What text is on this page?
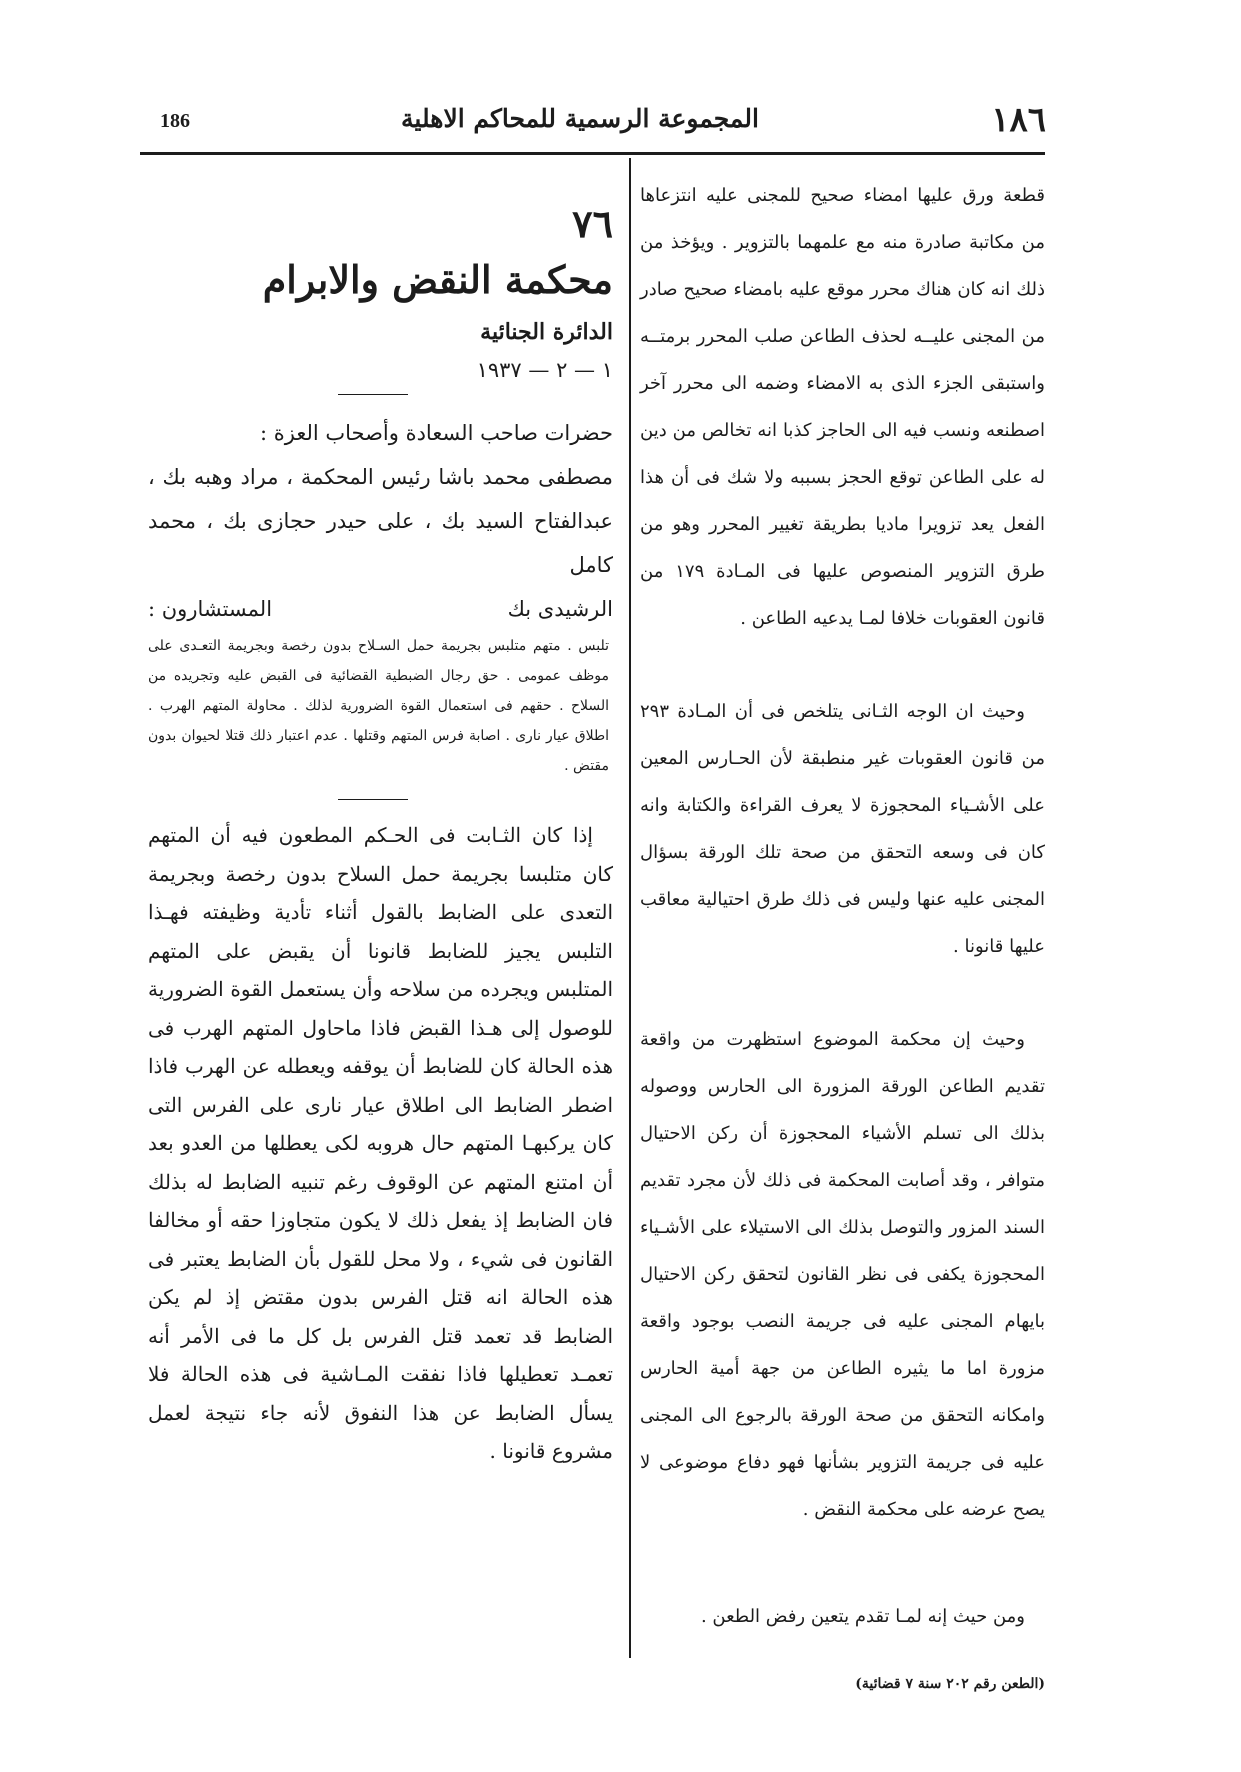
١٨٦
المجموعة الرسمية للمحاكم الاهلية
186

قطعة ورق عليها امضاء صحيح للمجنى عليه انتزعاها من مكاتبة صادرة منه مع علمهما بالتزوير . ويؤخذ من ذلك انه كان هناك محرر موقع عليه بامضاء صحيح صادر من المجنى عليــه لحذف الطاعن صلب المحرر برمتــه واستبقى الجزء الذى به الامضاء وضمه الى محرر آخر اصطنعه ونسب فيه الى الحاجز كذبا انه تخالص من دين له على الطاعن توقع الحجز بسببه ولا شك فى أن هذا الفعل يعد تزويرا ماديا بطريقة تغيير المحرر وهو من طرق التزوير المنصوص عليها فى المـادة ١٧٩ من قانون العقوبات خلافا لمـا يدعيه الطاعن .

وحيث ان الوجه الثـانى يتلخص فى أن المـادة ٢٩٣ من قانون العقوبات غير منطبقة لأن الحـارس المعين على الأشـياء المحجوزة لا يعرف القراءة والكتابة وانه كان فى وسعه التحقق من صحة تلك الورقة بسؤال المجنى عليه عنها وليس فى ذلك طرق احتيالية معاقب عليها قانونا .

وحيث إن محكمة الموضوع استظهرت من واقعة تقديم الطاعن الورقة المزورة الى الحارس ووصوله بذلك الى تسلم الأشياء المحجوزة أن ركن الاحتيال متوافر ، وقد أصابت المحكمة فى ذلك لأن مجرد تقديم السند المزور والتوصل بذلك الى الاستيلاء على الأشـياء المحجوزة يكفى فى نظر القانون لتحقق ركن الاحتيال بايهام المجنى عليه فى جريمة النصب بوجود واقعة مزورة اما ما يثيره الطاعن من جهة أمية الحارس وامكانه التحقق من صحة الورقة بالرجوع الى المجنى عليه فى جريمة التزوير بشأنها فهو دفاع موضوعى لا يصح عرضه على محكمة النقض .

ومن حيث إنه لمـا تقدم يتعين رفض الطعن .

(الطعن رقم ٢٠٢ سنة ٧ قضائية)

٧٦
محكمة النقض والابرام
الدائرة الجنائية
١ — ٢ — ١٩٣٧

حضرات صاحب السعادة وأصحاب العزة :

مصطفى محمد باشا رئيس المحكمة ، مراد وهبه بك ، عبدالفتاح السيد بك ، على حيدر حجازى بك ، محمد كامل

الرشيدى بك
المستشارون :

تلبس . متهم متلبس بجريمة حمل السـلاح بدون رخصة وبجريمة التعـدى على موظف عمومى . حق رجال الضبطية القضائية فى القبض عليه وتجريده من السلاح . حقهم فى استعمال القوة الضرورية لذلك . محاولة المتهم الهرب . اطلاق عيار نارى . اصابة فرس المتهم وقتلها . عدم اعتبار ذلك قتلا لحيوان بدون مقتض .

إذا كان الثـابت فى الحـكم المطعون فيه أن المتهم كان متلبسا بجريمة حمل السلاح بدون رخصة وبجريمة التعدى على الضابط بالقول أثناء تأدية وظيفته فهـذا التلبس يجيز للضابط قانونا أن يقبض على المتهم المتلبس ويجرده من سلاحه وأن يستعمل القوة الضرورية للوصول إلى هـذا القبض فاذا ماحاول المتهم الهرب فى هذه الحالة كان للضابط أن يوقفه ويعطله عن الهرب فاذا اضطر الضابط الى اطلاق عيار نارى على الفرس التى كان يركبهـا المتهم حال هروبه لكى يعطلها من العدو بعد أن امتنع المتهم عن الوقوف رغم تنبيه الضابط له بذلك فان الضابط إذ يفعل ذلك لا يكون متجاوزا حقه أو مخالفا القانون فى شيء ، ولا محل للقول بأن الضابط يعتبر فى هذه الحالة انه قتل الفرس بدون مقتض إذ لم يكن الضابط قد تعمد قتل الفرس بل كل ما فى الأمر أنه تعمـد تعطيلها فاذا نفقت المـاشية فى هذه الحالة فلا يسأل الضابط عن هذا النفوق لأنه جاء نتيجة لعمل مشروع قانونا .
